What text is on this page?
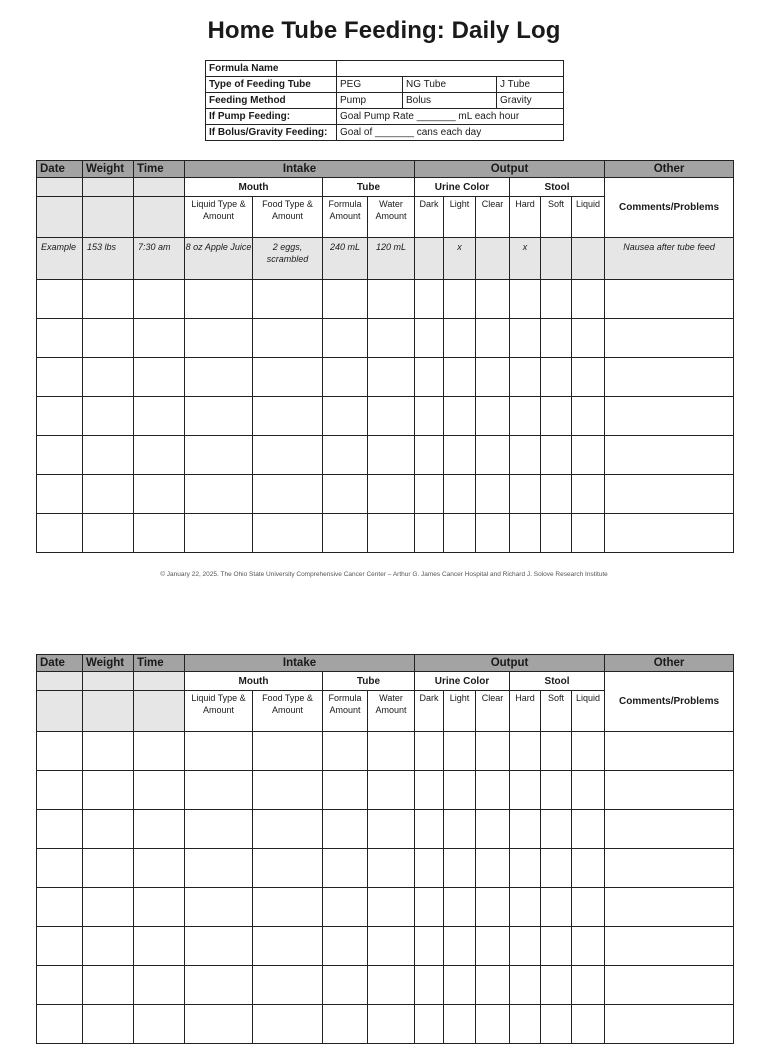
Home Tube Feeding: Daily Log
Formula Name			
Type of Feeding Tube	PEG	NG Tube	J Tube
Feeding Method	Pump	Bolus	Gravity
If Pump Feeding:	Goal Pump Rate _______ mL each hour		
If Bolus/Gravity Feeding:	Goal of _______ cans each day		
Date	Weight	Time	Intake				Output						Other
			Mouth		Tube		Urine Color			Stool			Comments/Problems
			Liquid Type & Amount	Food Type & Amount	Formula Amount	Water Amount	Dark	Light	Clear	Hard	Soft	Liquid	
Example	153 lbs	7:30 am	8 oz Apple Juice	2 eggs, scrambled	240 mL	120 mL		x		x			Nausea after tube feed

© January 22, 2025. The Ohio State University Comprehensive Cancer Center – Arthur G. James Cancer Hospital and Richard J. Solove Research Institute
Date	Weight	Time	Intake				Output						Other
			Mouth		Tube		Urine Color			Stool			Comments/Problems
			Liquid Type & Amount	Food Type & Amount	Formula Amount	Water Amount	Dark	Light	Clear	Hard	Soft	Liquid	
